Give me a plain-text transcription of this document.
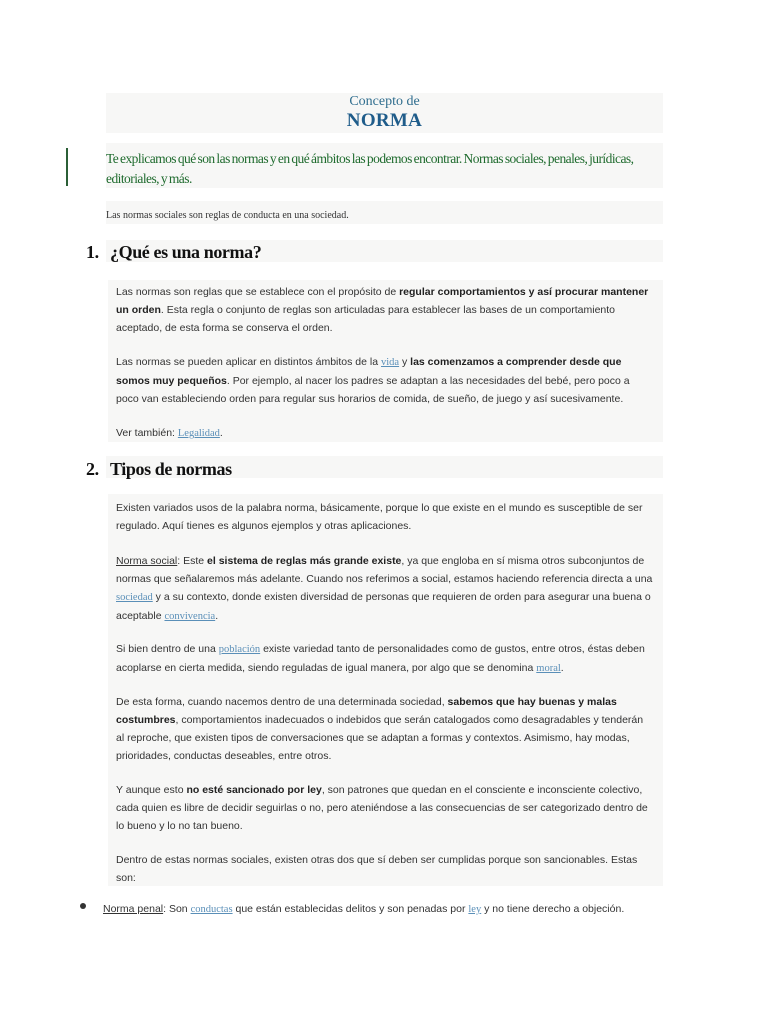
Concepto de
NORMA
Te explicamos qué son las normas y en qué ámbitos las podemos encontrar. Normas sociales, penales, jurídicas, editoriales, y más.
Las normas sociales son reglas de conducta en una sociedad.
1. ¿Qué es una norma?

Las normas son reglas que se establece con el propósito de regular comportamientos y así procurar mantener un orden. Esta regla o conjunto de reglas son articuladas para establecer las bases de un comportamiento aceptado, de esta forma se conserva el orden.

Las normas se pueden aplicar en distintos ámbitos de la vida y las comenzamos a comprender desde que somos muy pequeños. Por ejemplo, al nacer los padres se adaptan a las necesidades del bebé, pero poco a poco van estableciendo orden para regular sus horarios de comida, de sueño, de juego y así sucesivamente.

Ver también: Legalidad.

2. Tipos de normas

Existen variados usos de la palabra norma, básicamente, porque lo que existe en el mundo es susceptible de ser regulado. Aquí tienes es algunos ejemplos y otras aplicaciones.

Norma social: Este el sistema de reglas más grande existe, ya que engloba en sí misma otros subconjuntos de normas que señalaremos más adelante. Cuando nos referimos a social, estamos haciendo referencia directa a una sociedad y a su contexto, donde existen diversidad de personas que requieren de orden para asegurar una buena o aceptable convivencia.

Si bien dentro de una población existe variedad tanto de personalidades como de gustos, entre otros, éstas deben acoplarse en cierta medida, siendo reguladas de igual manera, por algo que se denomina moral.

De esta forma, cuando nacemos dentro de una determinada sociedad, sabemos que hay buenas y malas costumbres, comportamientos inadecuados o indebidos que serán catalogados como desagradables y tenderán al reproche, que existen tipos de conversaciones que se adaptan a formas y contextos. Asimismo, hay modas, prioridades, conductas deseables, entre otros.

Y aunque esto no esté sancionado por ley, son patrones que quedan en el consciente e inconsciente colectivo, cada quien es libre de decidir seguirlas o no, pero ateniéndose a las consecuencias de ser categorizado dentro de lo bueno y lo no tan bueno.

Dentro de estas normas sociales, existen otras dos que sí deben ser cumplidas porque son sancionables. Estas son:

Norma penal: Son conductas que están establecidas delitos y son penadas por ley y no tiene derecho a objeción.
